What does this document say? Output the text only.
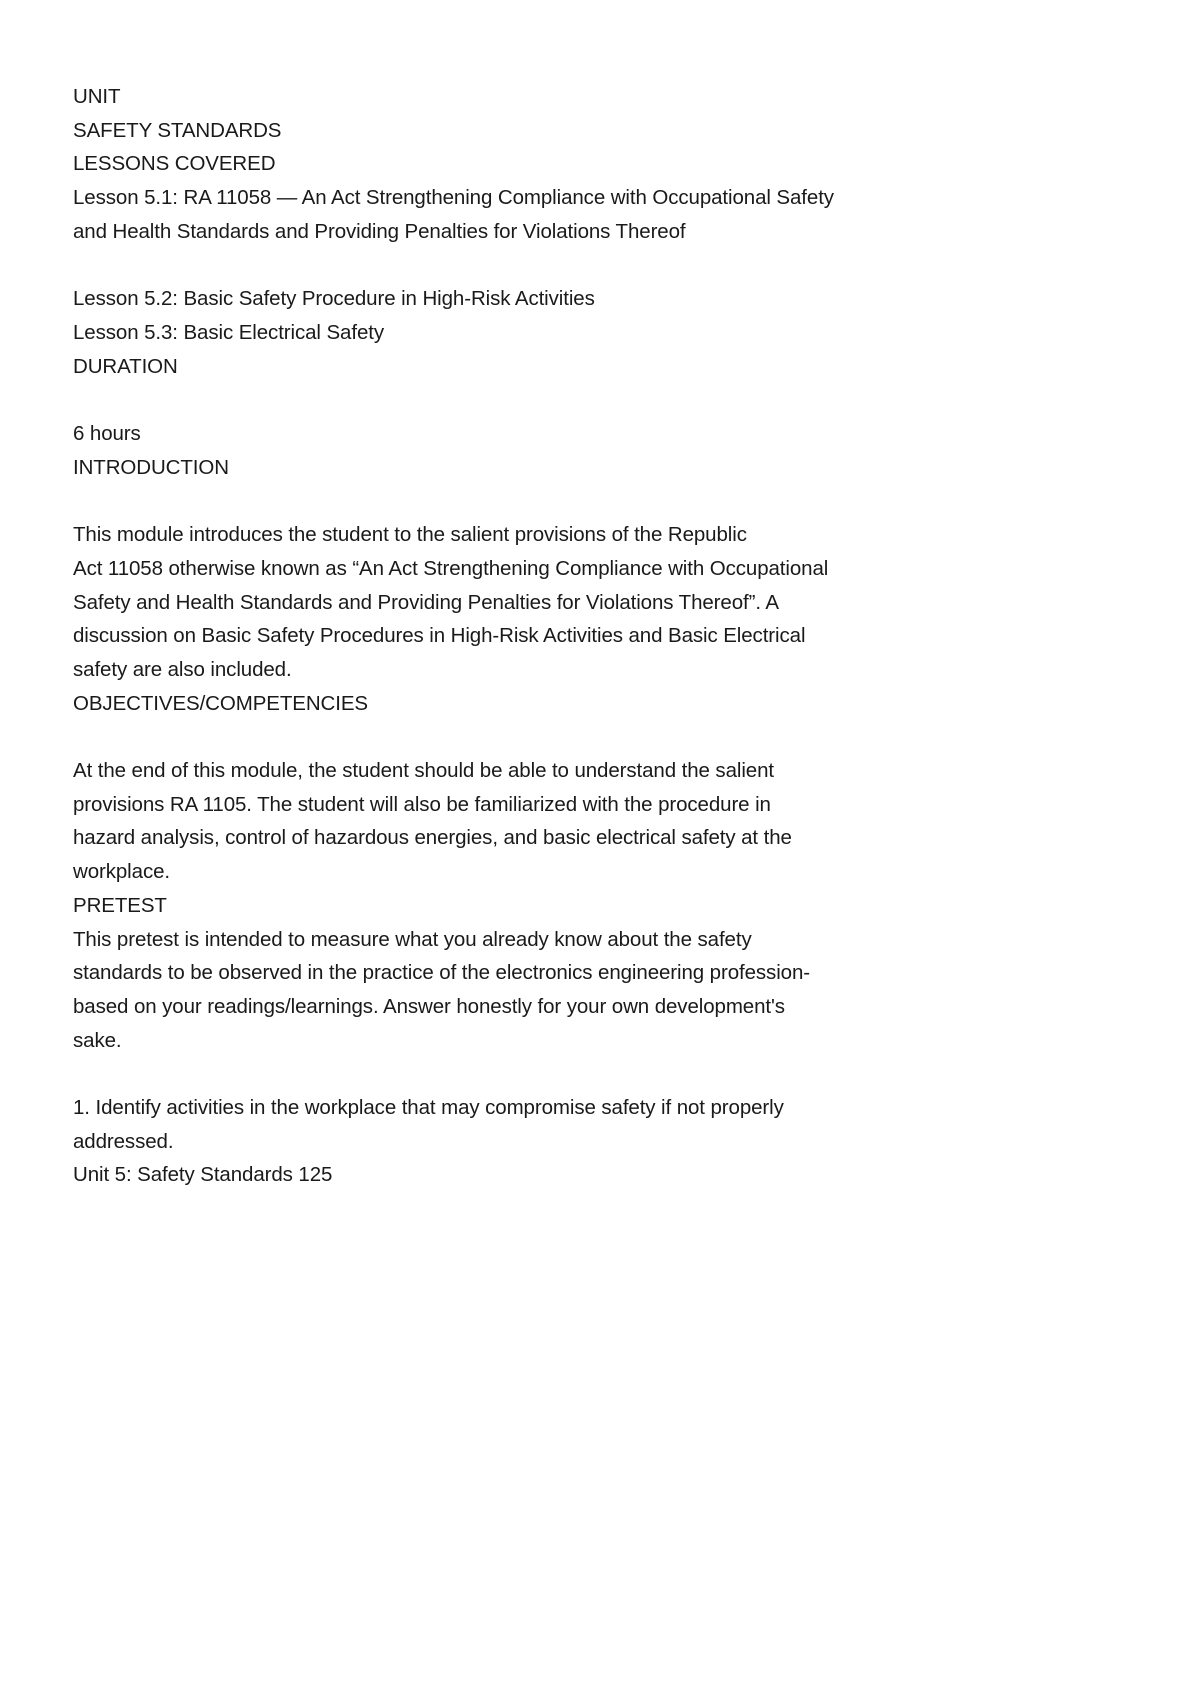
UNIT
SAFETY STANDARDS
LESSONS COVERED
Lesson 5.1: RA 11058 — An Act Strengthening Compliance with Occupational Safety
and Health Standards and Providing Penalties for Violations Thereof
Lesson 5.2: Basic Safety Procedure in High-Risk Activities
Lesson 5.3: Basic Electrical Safety
DURATION
6 hours
INTRODUCTION
This module introduces the student to the salient provisions of the Republic
Act 11058 otherwise known as “An Act Strengthening Compliance with Occupational
Safety and Health Standards and Providing Penalties for Violations Thereof”. A
discussion on Basic Safety Procedures in High-Risk Activities and Basic Electrical
safety are also included.
OBJECTIVES/COMPETENCIES
At the end of this module, the student should be able to understand the salient
provisions RA 1105. The student will also be familiarized with the procedure in
hazard analysis, control of hazardous energies, and basic electrical safety at the
workplace.
PRETEST
This pretest is intended to measure what you already know about the safety
standards to be observed in the practice of the electronics engineering profession-
based on your readings/learnings. Answer honestly for your own development's
sake.
1. Identify activities in the workplace that may compromise safety if not properly
addressed.
Unit 5: Safety Standards 125
